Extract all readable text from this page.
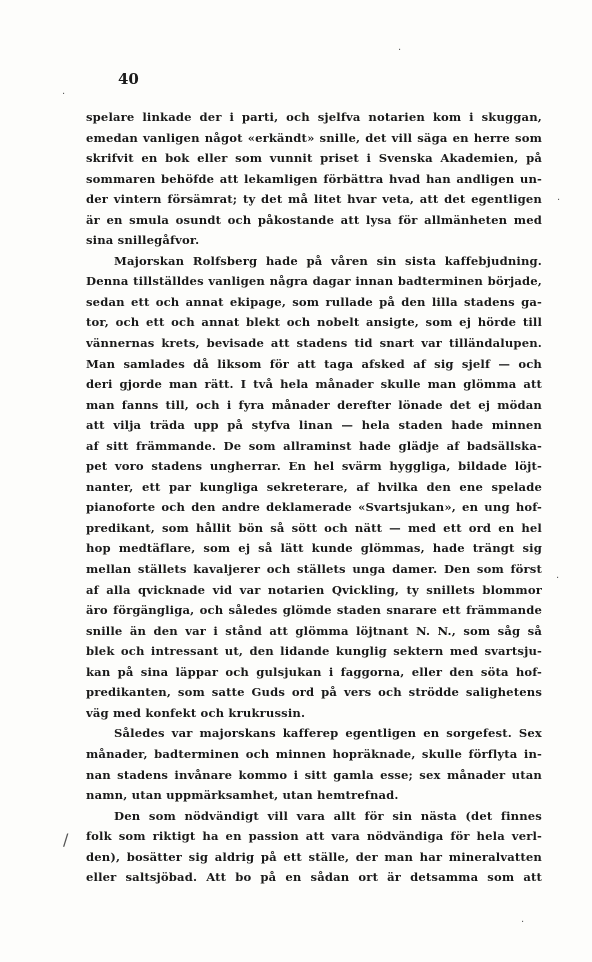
40

spelare linkade der i parti, och sjelfva notarien kom i skuggan,
emedan vanligen något «erkändt» snille, det vill säga en herre som
skrifvit en bok eller som vunnit priset i Svenska Akademien, på
sommaren behöfde att lekamligen förbättra hvad han andligen un-
der vintern försämrat; ty det må litet hvar veta, att det egentligen
är en smula osundt och påkostande att lysa för allmänheten med
sina snillegåfvor.
Majorskan Rolfsberg hade på våren sin sista kaffebjudning.
Denna tillställdes vanligen några dagar innan badterminen började,
sedan ett och annat ekipage, som rullade på den lilla stadens ga-
tor, och ett och annat blekt och nobelt ansigte, som ej hörde till
vännernas krets, bevisade att stadens tid snart var tilländalupen.
Man samlades då liksom för att taga afsked af sig sjelf — och
deri gjorde man rätt. I två hela månader skulle man glömma att
man fanns till, och i fyra månader derefter lönade det ej mödan
att vilja träda upp på styfva linan — hela staden hade minnen
af sitt främmande. De som allraminst hade glädje af badsällska-
pet voro stadens ungherrar. En hel svärm hyggliga, bildade löjt-
nanter, ett par kungliga sekreterare, af hvilka den ene spelade
pianoforte och den andre deklamerade «Svartsjukan», en ung hof-
predikant, som hållit bön så sött och nätt — med ett ord en hel
hop medtäflare, som ej så lätt kunde glömmas, hade trängt sig
mellan ställets kavaljerer och ställets unga damer. Den som först
af alla qvicknade vid var notarien Qvickling, ty snillets blommor
äro förgängliga, och således glömde staden snarare ett främmande
snille än den var i stånd att glömma löjtnant N. N., som såg så
blek och intressant ut, den lidande kunglig sektern med svartsju-
kan på sina läppar och gulsjukan i faggorna, eller den söta hof-
predikanten, som satte Guds ord på vers och strödde salighetens
väg med konfekt och krukrussin.
Således var majorskans kafferep egentligen en sorgefest. Sex
månader, badterminen och minnen hopräknade, skulle förflyta in-
nan stadens invånare kommo i sitt gamla esse; sex månader utan
namn, utan uppmärksamhet, utan hemtrefnad.
Den som nödvändigt vill vara allt för sin nästa (det finnes
folk som riktigt ha en passion att vara nödvändiga för hela verl-
den), bosätter sig aldrig på ett ställe, der man har mineralvatten
eller saltsjöbad. Att bo på en sådan ort är detsamma som att
·
·
·
·
/
·
